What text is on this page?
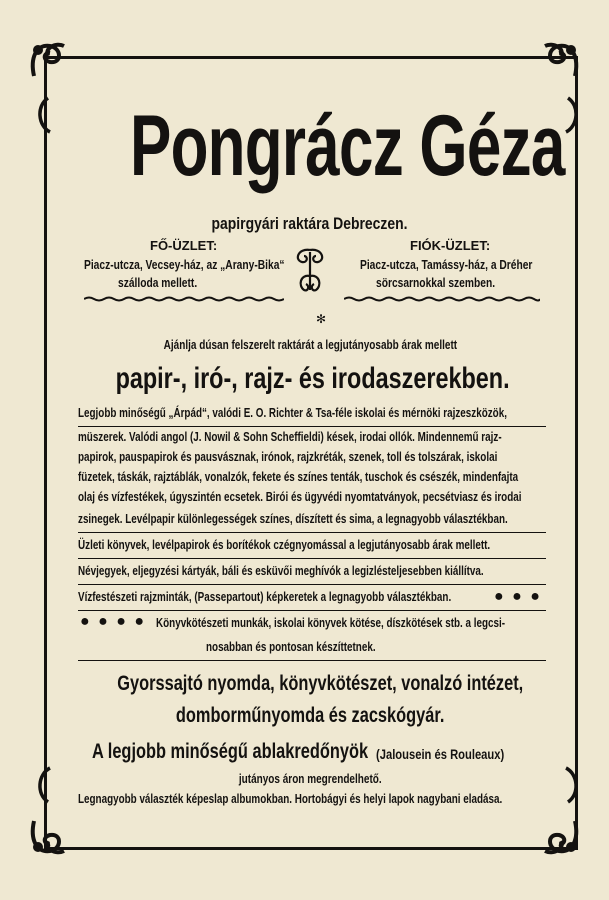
Pongrácz Géza
papirgyári raktára Debreczen.
FŐ-ÜZLET:
Piacz-utcza, Vecsey-ház, az „Arany-Bika“
szálloda mellett.
FIÓK-ÜZLET:
Piacz-utcza, Tamássy-ház, a Dréher
sörcsarnokkal szemben.
✻
Ajánlja dúsan felszerelt raktárát a legjutányosabb árak mellett
papir-, iró-, rajz- és irodaszerekben.
Legjobb minőségű „Árpád“, valódi E. O. Richter & Tsa-féle iskolai és mérnöki rajzeszközök,
müszerek. Valódi angol (J. Nowil & Sohn Scheffieldi) kések, irodai ollók. Mindennemű rajz-
papirok, pauspapirok és pausvásznak, irónok, rajzkréták, szenek, toll és tolszárak, iskolai
füzetek, táskák, rajztáblák, vonalzók, fekete és színes tenták, tuschok és csészék, mindenfajta
olaj és vízfestékek, úgyszintén ecsetek. Birói és ügyvédi nyomtatványok, pecsétviasz és irodai
zsinegek. Levélpapir különlegességek színes, díszített és sima, a legnagyobb választékban.
Üzleti könyvek, levélpapirok és borítékok czégnyomással a legjutányosabb árak mellett.
Névjegyek, eljegyzési kártyák, báli és esküvői meghívók a legizlésteljesebben kiállítva.
Vízfestészeti rajzminták, (Passepartout) képkeretek a legnagyobb választékban.	● ● ●
● ● ● ● Könyvkötészeti munkák, iskolai könyvek kötése, díszkötések stb. a legcsi-
nosabban és pontosan készíttetnek.
Gyorssajtó nyomda, könyvkötészet, vonalzó intézet,
domborműnyomda és zacskógyár.
A legjobb minőségű ablakredőnyök (Jalousein és Rouleaux)
jutányos áron megrendelhető.
Legnagyobb választék képeslap albumokban. Hortobágyi és helyi lapok nagybani eladása.
